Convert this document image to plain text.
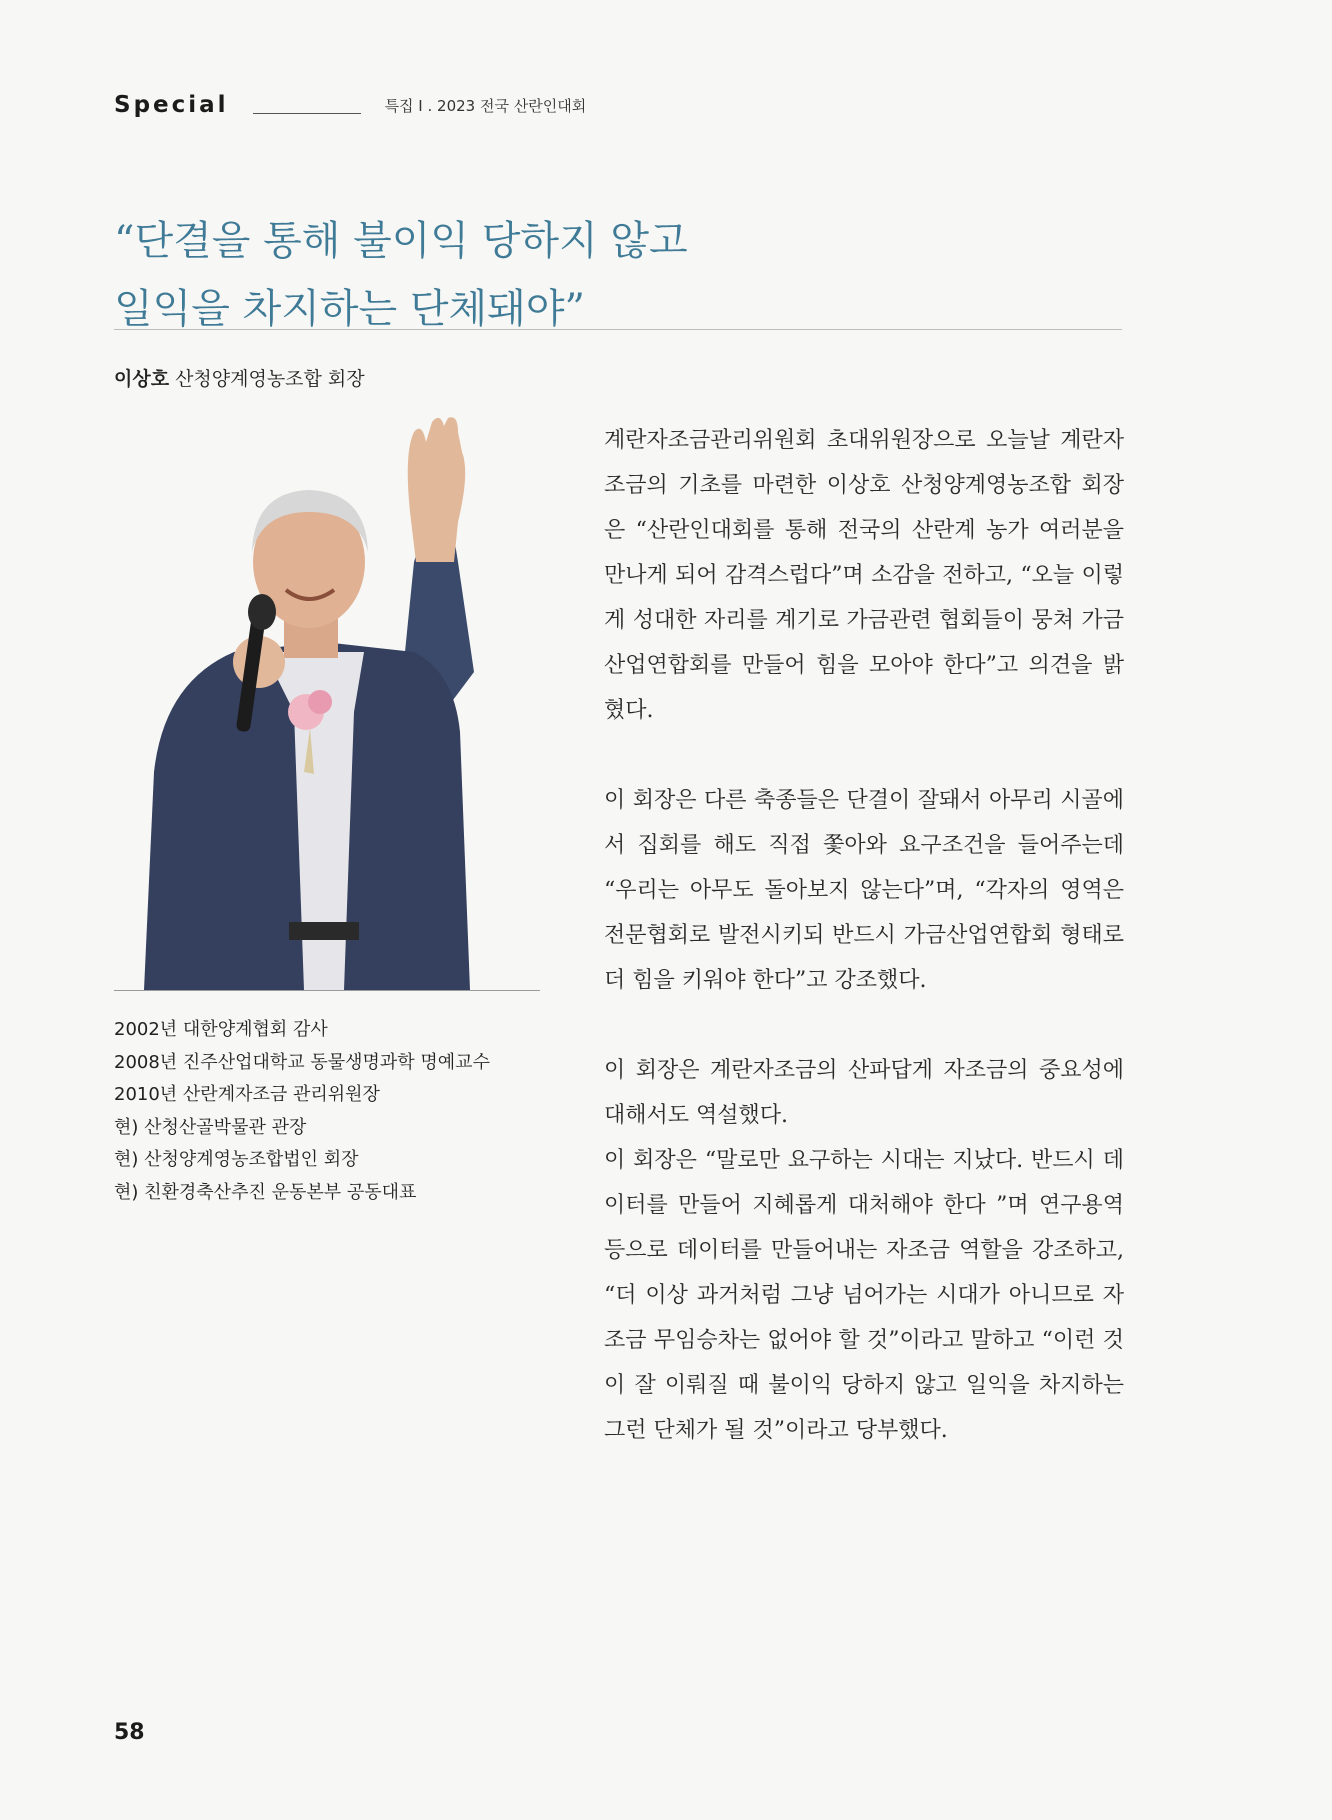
Special	특집 I . 2023 전국 산란인대회
“단결을 통해 불이익 당하지 않고
일익을 차지하는 단체돼야”
이상호 산청양계영농조합 회장
2002년 대한양계협회 감사
2008년 진주산업대학교 동물생명과학 명예교수
2010년 산란계자조금 관리위원장
현) 산청산골박물관 관장
현) 산청양계영농조합법인 회장
현) 친환경축산추진 운동본부 공동대표

계란자조금관리위원회 초대위원장으로 오늘날 계란자조금의 기초를 마련한 이상호 산청양계영농조합 회장은 “산란인대회를 통해 전국의 산란계 농가 여러분을 만나게 되어 감격스럽다”며 소감을 전하고, “오늘 이렇게 성대한 자리를 계기로 가금관련 협회들이 뭉쳐 가금산업연합회를 만들어 힘을 모아야 한다”고 의견을 밝혔다.

이 회장은 다른 축종들은 단결이 잘돼서 아무리 시골에서 집회를 해도 직접 쫓아와 요구조건을 들어주는데 “우리는 아무도 돌아보지 않는다”며, “각자의 영역은 전문협회로 발전시키되 반드시 가금산업연합회 형태로 더 힘을 키워야 한다”고 강조했다.

이 회장은 계란자조금의 산파답게 자조금의 중요성에 대해서도 역설했다.

이 회장은 “말로만 요구하는 시대는 지났다. 반드시 데이터를 만들어 지혜롭게 대처해야 한다 ”며 연구용역 등으로 데이터를 만들어내는 자조금 역할을 강조하고, “더 이상 과거처럼 그냥 넘어가는 시대가 아니므로 자조금 무임승차는 없어야 할 것”이라고 말하고 “이런 것이 잘 이뤄질 때 불이익 당하지 않고 일익을 차지하는 그런 단체가 될 것”이라고 당부했다.

58
